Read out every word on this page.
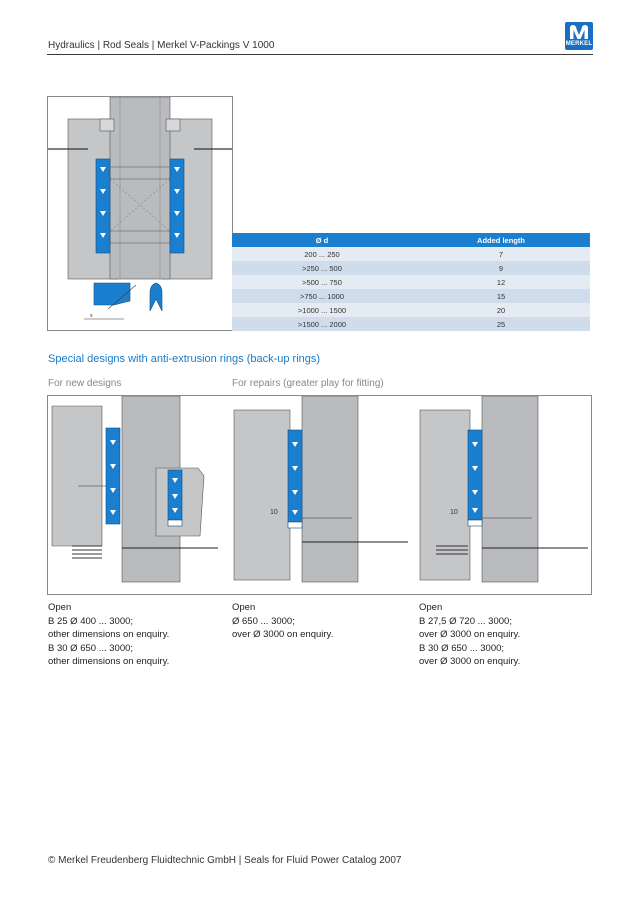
Hydraulics | Rod Seals | Merkel V-Packings V 1000	MERKEL
s
Ø d	Added length
200 ... 250	7
>250 ... 500	9
>500 ... 750	12
>750 ... 1000	15
>1000 ... 1500	20
>1500 ... 2000	25
Special designs with anti-extrusion rings (back-up rings)
For new designs	For repairs (greater play for fitting)
10	10
Open
B 25 Ø 400 ... 3000;
other dimensions on enquiry.
B 30 Ø 650 ... 3000;
other dimensions on enquiry.
Open
Ø 650 ... 3000;
over Ø 3000 on enquiry.
Open
B 27,5 Ø 720 ... 3000;
over Ø 3000 on enquiry.
B 30 Ø 650 ... 3000;
over Ø 3000 on enquiry.
© Merkel Freudenberg Fluidtechnic GmbH | Seals for Fluid Power Catalog 2007
